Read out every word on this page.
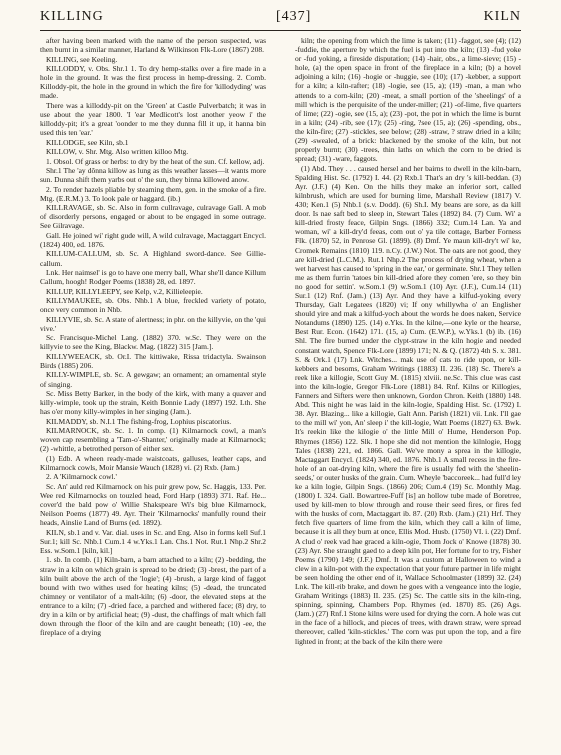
KILLING	[437]	KILN

after having been marked with the name of the person suspected, was then burnt in a similar manner, Harland & Wilkinson Flk-Lore (1867) 208.

KILLING, see Keeling.

KILLODDY, v. Obs. Shr.1 1. To dry hemp-stalks over a fire made in a hole in the ground. It was the first process in hemp-dressing. 2. Comb. Killoddy-pit, the hole in the ground in which the fire for 'killodyding' was made.

There was a killoddy-pit on the 'Green' at Castle Pulverbatch; it was in use about the year 1800. 'I 'ear Medlicott's lost another yeow i' the killoddy-pit; it's a great 'oonder to me they dunna fill it up, it hanna bin used this ten 'ear.'

KILLODGE, see Kiln, sb.1

KILLOW, v. Shr. Mtg. Also written killoo Mtg.

1. Obsol. Of grass or herbs: to dry by the heat of the sun. Cf. kellow, adj.

Shr.1 The 'ay dŏnna killow as lung as this weather lasses—it wants more sun. Dunna shift them yarbs out o' the sun, they binna killowed anow.

2. To render hazels pliable by steaming them, gen. in the smoke of a fire. Mtg. (E.R.M.) 3. To look pale or haggard. (ib.)

KILLRAVAGE, sb. Sc. Also in form cullravage, culravage Gall. A mob of disorderly persons, engaged or about to be engaged in some outrage. See Gilravage.

Gall. He joined wi' right gude will, A wild culravage, Mactaggart Encycl. (1824) 400, ed. 1876.

KILLUM-CALLUM, sb. Sc. A Highland sword-dance. See Gillie-callum.

Lnk. Her naimsel' is go to have one merry ball, Whar she'll dance Killum Callum, hoogh! Rodger Poems (1838) 28, ed. 1897.

KILLUP, KILLYLEEPY, see Kelp, v.2, Killieleepie.

KILLYMAUKEE, sb. Obs. Nhb.1 A blue, freckled variety of potato, once very common in Nhb.

KILLYVIE, sb. Sc. A state of alertness; in phr. on the killyvie, on the 'qui vive.'

Sc. Francisque-Michel Lang. (1882) 370. w.Sc. They were on the killyvie to see the King, Blackw. Mag. (1822) 315 [Jam.].

KILLYWEEACK, sb. Or.I. The kittiwake, Rissa tridactyla. Swainson Birds (1885) 206.

KILLY-WIMPLE, sb. Sc. A gewgaw; an ornament; an ornamental style of singing.

Sc. Miss Betty Barker, in the body of the kirk, with many a quaver and killy-wimple, took up the strain, Keith Bonnie Lady (1897) 192. Lth. She has o'er mony killy-wimples in her singing (Jam.).

KILMADDY, sb. N.I.1 The fishing-frog, Lophius piscatorius.

KILMARNOCK, sb. Sc. 1. In comp. (1) Kilmarnock cowl, a man's woven cap resembling a 'Tam-o'-Shanter,' originally made at Kilmarnock; (2) -whittle, a betrothed person of either sex.

(1) Edb. A wheen ready-made waistcoats, galluses, leather caps, and Kilmarnock cowls, Moir Mansie Wauch (1828) vi. (2) Rxb. (Jam.)

2. A 'Kilmarnock cowl.'

Sc. An' auld red Kilmarnock on his puir grew pow, Sc. Haggis, 133. Per. Wee red Kilmarnocks on touzled head, Ford Harp (1893) 371. Raf. He... cover'd the bald pow o' Willie Shakspeare Wi's big blue Kilmarnock, Neilson Poems (1877) 49. Ayr. Their 'Kilmarnocks' manfully round their heads, Ainslie Land of Burns (ed. 1892).

KILN, sb.1 and v. Var. dial. uses in Sc. and Eng. Also in forms kell Suf.1 Sur.1; kill Sc. Nhb.1 Cum.1 4 w.Yks.1 Lan. Chs.1 Not. Rut.1 Nhp.2 Shr.2 Ess. w.Som.1 [kiln, kil.]

1. sb. In comb. (1) Kiln-barn, a barn attached to a kiln; (2) -bedding, the straw in a kiln on which grain is spread to be dried; (3) -brest, the part of a kiln built above the arch of the 'logie'; (4) -brush, a large kind of faggot bound with two withes used for heating kilns; (5) -dead, the truncated chimney or ventilator of a malt-kiln; (6) -door, the elevated steps at the entrance to a kiln; (7) -dried face, a parched and withered face; (8) dry, to dry in a kiln or by artificial heat; (9) -dust, the chaffings of malt which fall down through the floor of the kiln and are caught beneath; (10) -ee, the fireplace of a drying

kiln; the opening from which the lime is taken; (11) -faggot, see (4); (12) -fuddie, the aperture by which the fuel is put into the kiln; (13) -fud yoke or -fud yoking, a fireside disputation; (14) -hair, obs., a lime-sieve; (15) -hole, (a) the open space in front of the fireplace in a kiln; (b) a hovel adjoining a kiln; (16) -hogie or -huggie, see (10); (17) -kebber, a support for a kiln; a kiln-rafter; (18) -logie, see (15, a); (19) -man, a man who attends to a corn-kiln; (20) -meat, a small portion of the 'sheelings' of a mill which is the perquisite of the under-miller; (21) -of-lime, five quarters of lime; (22) -ogie, see (15, a); (23) -pot, the pot in which the lime is burnt in a kiln; (24) -rib, see (17); (25) -ring, ?see (15, a); (26) -spending, obs., the kiln-fire; (27) -stickles, see below; (28) -straw, ? straw dried in a kiln; (29) -swealed, of a brick: blackened by the smoke of the kiln, but not properly burnt; (30) -trees, thin laths on which the corn to be dried is spread; (31) -ware, faggots.

(1) Abd. They . . . caused hersel and her bairns to dwell in the kiln-barn, Spalding Hist. Sc. (1792) I. 44. (2) Rxb.1 That's an dry 's kill-beddan. (3) Ayr. (J.F.) (4) Ken. On the hills they make an inferior sort, called kilnbrush, which are used for burning lime, Marshall Review (1817) V. 430; Ken.1 (5) Nhb.1 (s.v. Dodd). (6) Sh.I. My beans are sore, as da kill door. Is nae saft bed to sleep in, Stewart Tales (1892) 84. (7) Cum. Wi' a kill-dried frosty feace, Gilpin Sngs. (1866) 332; Cum.14 Lan. Ya and woman, wi' a kill-dry'd feeas, com out o' ya tile cottage, Barber Forness Flk. (1870) 52, in Penrose Gl. (1899). (8) Dmf. Ye maun kill-dry't wi' ke, Cromek Remains (1810) 119. n.Cy. (J.W.) Not. The oats are not good, they are kill-dried (L.C.M.). Rut.1 Nhp.2 The process of drying wheat, when a wet harvest has caused to 'spring in the ear,' or germinate. Shr.1 They tellen me as them furrin 'tatoes bin kill-dried afore they comen 'ere, so they bin no good for settin'. w.Som.1 (9) w.Som.1 (10) Ayr. (J.F.), Cum.14 (11) Sur.1 (12) Rnf. (Jam.) (13) Ayr. And they have a kilfud-yoking every Thursday, Galt Legatees (1820) vi; If ony whillywha o' an Englisher should yire and mak a kilfud-yoch about the words he does naken, Service Notandums (1890) 125. (14) e.Yks. In the kilne,—one kyle or the hearse, Best Rur. Econ. (1642) 171. (15, a) Cum. (E.W.P.), w.Yks.1 (b) ib. (16) Shl. The fire burned under the clypt-straw in the kiln hogie and needed constant watch, Spence Flk-Lore (1899) 171; N. & Q. (1872) 4th S. x. 381. S. & Ork.1 (17) Lnk. Witches... mak use of cats to ride upon, or kill-kebbers and besoms, Graham Writings (1883) II. 236. (18) Sc. There's a reek like a killogie, Scott Guy M. (1815) xlviii. ne.Sc. This clue was cast into the kiln-logie, Gregor Flk-Lore (1881) 84. Rnf. Kilns or Killogies, Fanners and Sifters were then unknown, Gordon Chron. Keith (1880) 148. Abd. This night he was laid in the kiln-logie, Spalding Hist. Sc. (1792) I. 38. Ayr. Blazing... like a killogie, Galt Ann. Parish (1821) vii. Lnk. I'll gae to the mill wi' yon, An' sleep i' the kill-logie, Watt Poems (1827) 63. Bwk. It's reekin like the kilogie o' the little Mill o' Hume, Henderson Pop. Rhymes (1856) 122. Slk. I hope she did not mention the kilnlogie, Hogg Tales (1838) 221, ed. 1866. Gall. We've mony a sprea in the killogie, Mactaggart Encycl. (1824) 340, ed. 1876. Nhb.1 A small recess in the fire-hole of an oat-drying kiln, where the fire is usually fed with the 'sheelin-seeds,' or outer husks of the grain. Cum. Wheyle 'baccoreek... had full'd ley ke a kiln logie, Gilpin Sngs. (1866) 206; Cum.4 (19) Sc. Monthly Mag. (1800) I. 324. Gall. Bowartree-Fuff [is] an hollow tube made of Boretree, used by kill-men to blow through and rouse their seed fires, or fires fed with the husks of corn, Mactaggart ib. 87. (20) Rxb. (Jam.) (21) Hrf. They fetch five quarters of lime from the kiln, which they call a kiln of lime, because it is all they burn at once, Ellis Mod. Husb. (1750) VI. i. (22) Dmf. A clud o' reek vad hae graced a kiln-ogie, Thom Jock o' Knowe (1878) 30. (23) Ayr. She straught gaed to a deep kiln pot, Her fortune for to try, Fisher Poems (1790) 149; (J.F.) Dmf. It was a custom at Halloween to wind a clew in a kiln-pot with the expectation that your future partner in life might be seen holding the other end of it, Wallace Schoolmaster (1899) 32. (24) Lnk. The kill-rib brake, and down he goes with a vengeance into the logie, Graham Writings (1883) II. 235. (25) Sc. The cattle sits in the kiln-ring, spinning, spinning, Chambers Pop. Rhymes (ed. 1870) 85. (26) Ags. (Jam.) (27) Rnf.1 Stone kilns were used for drying the corn. A hole was cut in the face of a hillock, and pieces of trees, with drawn straw, were spread thereover, called 'kiln-stickles.' The corn was put upon the top, and a fire lighted in front; at the back of the kiln there were
